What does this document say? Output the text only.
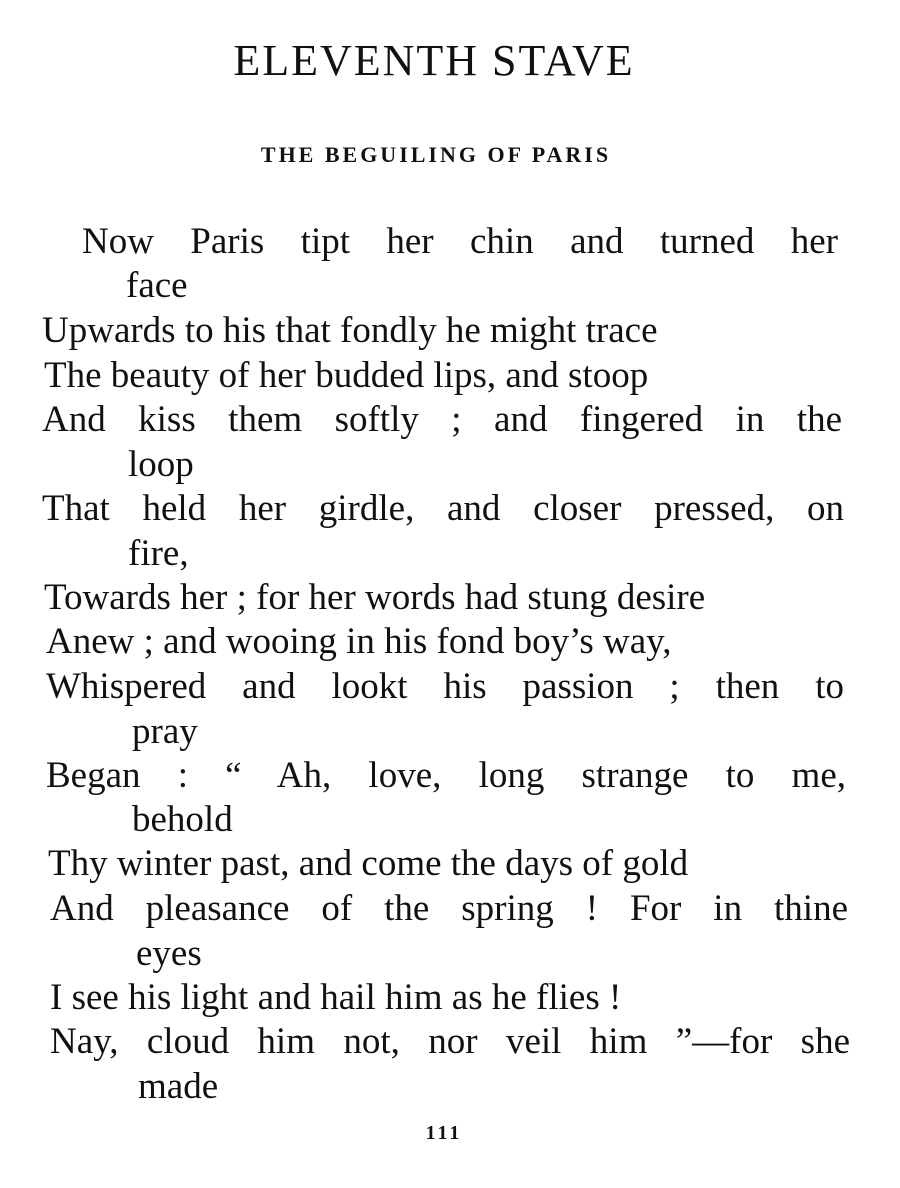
ELEVENTH STAVE
THE BEGUILING OF PARIS
Now Paris tipt her chin and turned her
face
Upwards to his that fondly he might trace
The beauty of her budded lips, and stoop
And kiss them softly ; and fingered in the
loop
That held her girdle, and closer pressed, on
fire,
Towards her ; for her words had stung desire
Anew ; and wooing in his fond boy’s way,
Whispered and lookt his passion ; then to
pray
Began : “ Ah, love, long strange to me,
behold
Thy winter past, and come the days of gold
And pleasance of the spring ! For in thine
eyes
I see his light and hail him as he flies !
Nay, cloud him not, nor veil him ”—for she
made
111
